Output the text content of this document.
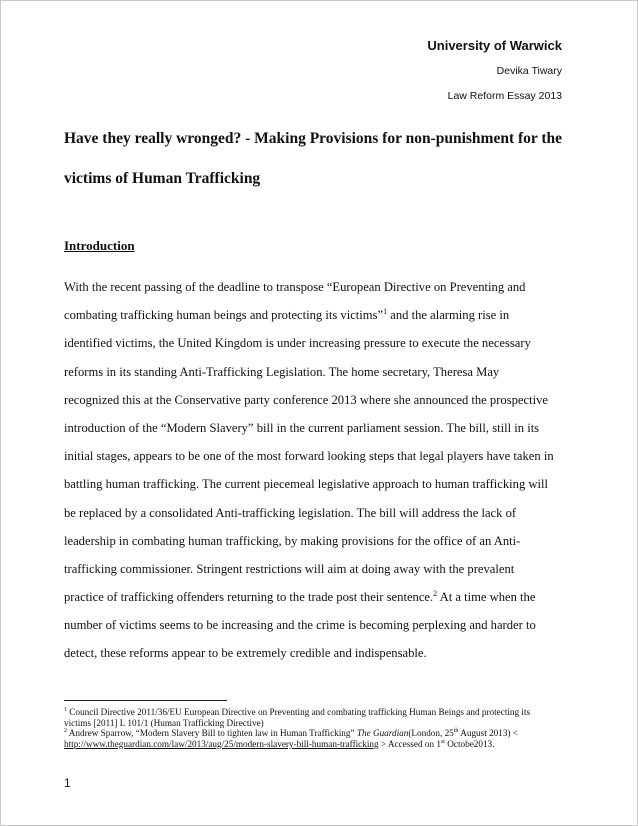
University of Warwick
Devika Tiwary
Law Reform Essay 2013
Have they really wronged? - Making Provisions for non-punishment for the
victims of Human Trafficking
Introduction
With the recent passing of the deadline to transpose “European Directive on Preventing and
combating trafficking human beings and protecting its victims”$^1$ and the alarming rise in
identified victims, the United Kingdom is under increasing pressure to execute the necessary
reforms in its standing Anti-Trafficking Legislation. The home secretary, Theresa May
recognized this at the Conservative party conference 2013 where she announced the prospective
introduction of the “Modern Slavery” bill in the current parliament session. The bill, still in its
initial stages, appears to be one of the most forward looking steps that legal players have taken in
battling human trafficking. The current piecemeal legislative approach to human trafficking will
be replaced by a consolidated Anti-trafficking legislation. The bill will address the lack of
leadership in combating human trafficking, by making provisions for the office of an Anti-
trafficking commissioner. Stringent restrictions will aim at doing away with the prevalent
practice of trafficking offenders returning to the trade post their sentence.$^2$ At a time when the
number of victims seems to be increasing and the crime is becoming perplexing and harder to
detect, these reforms appear to be extremely credible and indispensable.
$^1$ Council Directive 2011/36/EU European Directive on Preventing and combating trafficking Human Beings and protecting its
victims [2011] L 101/1 (Human Trafficking Directive)
$^2$ Andrew Sparrow, “Modern Slavery Bill to tighten law in Human Trafficking” The Guardian(London, 25th August 2013) <
http://www.theguardian.com/law/2013/aug/25/modern-slavery-bill-human-trafficking > Accessed on 1st Octobe2013.
1
